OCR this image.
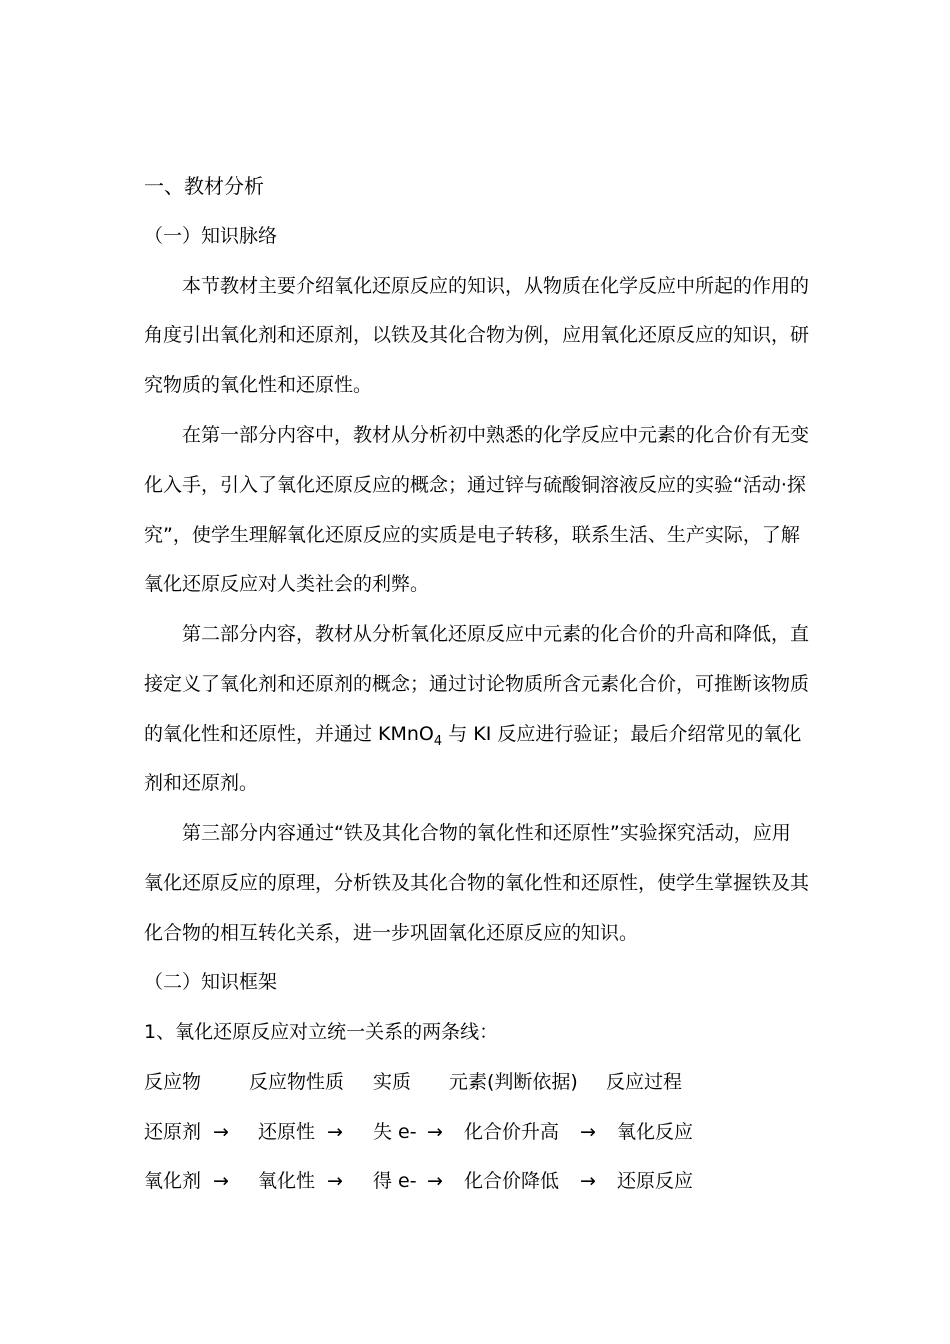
一、教材分析
（一）知识脉络
本节教材主要介绍氧化还原反应的知识，从物质在化学反应中所起的作用的
角度引出氧化剂和还原剂，以铁及其化合物为例，应用氧化还原反应的知识，研
究物质的氧化性和还原性。
在第一部分内容中，教材从分析初中熟悉的化学反应中元素的化合价有无变
化入手，引入了氧化还原反应的概念；通过锌与硫酸铜溶液反应的实验“活动·探
究”，使学生理解氧化还原反应的实质是电子转移，联系生活、生产实际，了解
氧化还原反应对人类社会的利弊。
第二部分内容，教材从分析氧化还原反应中元素的化合价的升高和降低，直
接定义了氧化剂和还原剂的概念；通过讨论物质所含元素化合价，可推断该物质
的氧化性和还原性，并通过 KMnO$_4$ 与 KI 反应进行验证；最后介绍常见的氧化
剂和还原剂。
第三部分内容通过“铁及其化合物的氧化性和还原性”实验探究活动，应用
氧化还原反应的原理，分析铁及其化合物的氧化性和还原性，使学生掌握铁及其
化合物的相互转化关系，进一步巩固氧化还原反应的知识。
（二）知识框架
1、氧化还原反应对立统一关系的两条线：
反应物	反应物性质 实质 元素(判断依据) 反应过程
还原剂 → 还原性 → 失 e- → 化合价升高 → 氧化反应
氧化剂 → 氧化性 → 得 e- → 化合价降低 → 还原反应
